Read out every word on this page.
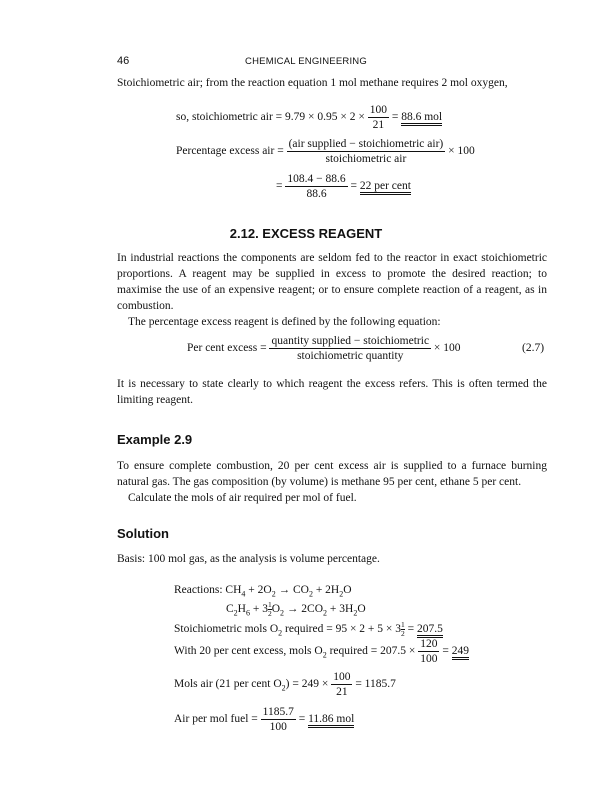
46	CHEMICAL ENGINEERING
Stoichiometric air; from the reaction equation 1 mol methane requires 2 mol oxygen,
so, stoichiometric air = $9.79 \times 0.95 \times 2 \times \frac{100}{21} = 88.6$ mol
Percentage excess air = $\frac{\text{(air supplied − stoichiometric air)}}{\text{stoichiometric air}} \times 100$
= $\frac{108.4 - 88.6}{88.6} = 22$ per cent
2.12. EXCESS REAGENT
In industrial reactions the components are seldom fed to the reactor in exact stoichiometric proportions. A reagent may be supplied in excess to promote the desired reaction; to maximise the use of an expensive reagent; or to ensure complete reaction of a reagent, as in combustion.
The percentage excess reagent is defined by the following equation:
Per cent excess = $\frac{\text{quantity supplied − stoichiometric}}{\text{stoichiometric quantity}} \times 100$	(2.7)
It is necessary to state clearly to which reagent the excess refers. This is often termed the limiting reagent.
Example 2.9
To ensure complete combustion, 20 per cent excess air is supplied to a furnace burning natural gas. The gas composition (by volume) is methane 95 per cent, ethane 5 per cent.
Calculate the mols of air required per mol of fuel.
Solution
Basis: 100 mol gas, as the analysis is volume percentage.
Reactions: $CH_4 + 2O_2 \to CO_2 + 2H_2O$
$C_2H_6 + 3 \frac{1}{2} O_2 \to 2CO_2 + 3H_2O$
Stoichiometric mols $O_2$ required = $95 \times 2 + 5 \times 3 \frac{1}{2} = 207.5$
With 20 per cent excess, mols $O_2$ required = $207.5 \times \frac{120}{100} = 249$
Mols air (21 per cent $O_2) = 249 \times \frac{100}{21} = 1185.7$
Air per mol fuel = $\frac{1185.7}{100} = 11.86$ mol
